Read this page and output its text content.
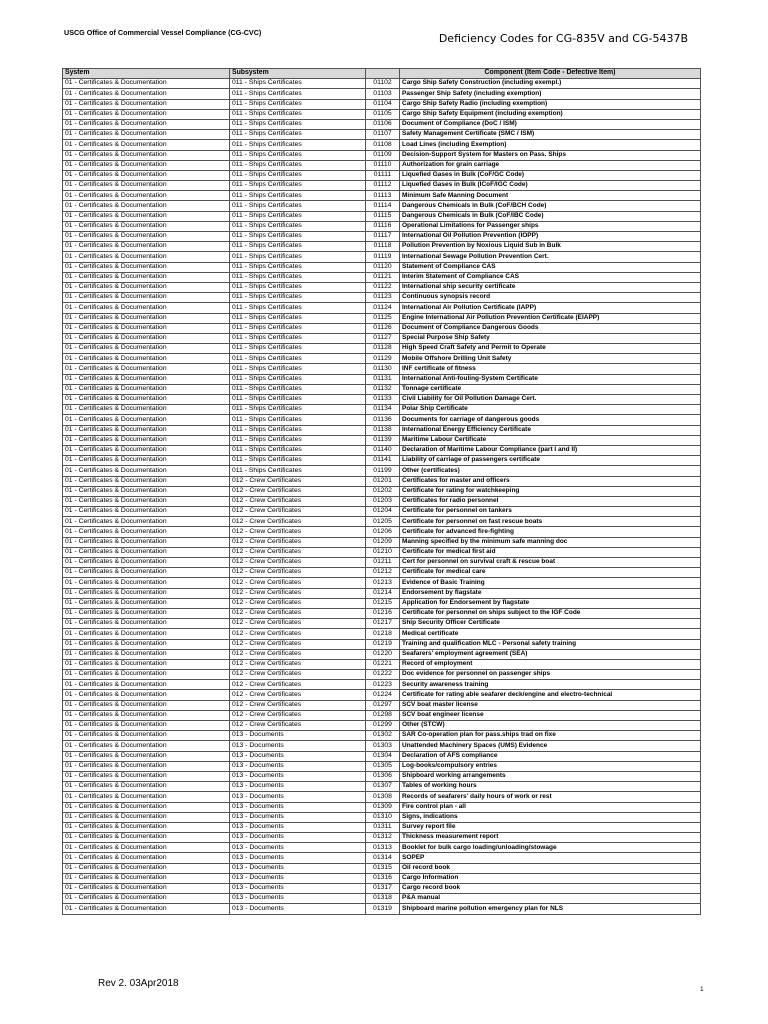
USCG Office of Commercial Vessel Compliance (CG-CVC)	Deficiency Codes for CG-835V and CG-5437B
System	Subsystem		Component (Item Code - Defective Item)
01 - Certificates & Documentation	011 - Ships Certificates	01102	Cargo Ship Safety Construction (including exempl.)
01 - Certificates & Documentation	011 - Ships Certificates	01103	Passenger Ship Safety (including exemption)
01 - Certificates & Documentation	011 - Ships Certificates	01104	Cargo Ship Safety Radio (including exemption)
01 - Certificates & Documentation	011 - Ships Certificates	01105	Cargo Ship Safety Equipment (including exemption)
01 - Certificates & Documentation	011 - Ships Certificates	01106	Document of Compliance (DoC / ISM)
01 - Certificates & Documentation	011 - Ships Certificates	01107	Safety Management Certificate (SMC / ISM)
01 - Certificates & Documentation	011 - Ships Certificates	01108	Load Lines (including Exemption)
01 - Certificates & Documentation	011 - Ships Certificates	01109	Decision-Support System for Masters on Pass. Ships
01 - Certificates & Documentation	011 - Ships Certificates	01110	Authorization for grain carriage
01 - Certificates & Documentation	011 - Ships Certificates	01111	Liquefied Gases in Bulk (CoF/GC Code)
01 - Certificates & Documentation	011 - Ships Certificates	01112	Liquefied Gases in Bulk (ICoF/IGC Code)
01 - Certificates & Documentation	011 - Ships Certificates	01113	Minimum Safe Manning Document
01 - Certificates & Documentation	011 - Ships Certificates	01114	Dangerous Chemicals in Bulk (CoF/BCH Code)
01 - Certificates & Documentation	011 - Ships Certificates	01115	Dangerous Chemicals in Bulk (CoF/IBC Code)
01 - Certificates & Documentation	011 - Ships Certificates	01116	Operational Limitations for Passenger ships
01 - Certificates & Documentation	011 - Ships Certificates	01117	International Oil Pollution Prevention (IOPP)
01 - Certificates & Documentation	011 - Ships Certificates	01118	Pollution Prevention by Noxious Liquid Sub in Bulk
01 - Certificates & Documentation	011 - Ships Certificates	01119	International Sewage Pollution Prevention Cert.
01 - Certificates & Documentation	011 - Ships Certificates	01120	Statement of Compliance CAS
01 - Certificates & Documentation	011 - Ships Certificates	01121	Interim Statement of Compliance CAS
01 - Certificates & Documentation	011 - Ships Certificates	01122	International ship security certificate
01 - Certificates & Documentation	011 - Ships Certificates	01123	Continuous synopsis record
01 - Certificates & Documentation	011 - Ships Certificates	01124	International Air Pollution Certificate (IAPP)
01 - Certificates & Documentation	011 - Ships Certificates	01125	Engine International Air Pollution Prevention Certificate (EIAPP)
01 - Certificates & Documentation	011 - Ships Certificates	01126	Document of Compliance Dangerous Goods
01 - Certificates & Documentation	011 - Ships Certificates	01127	Special Purpose Ship Safety
01 - Certificates & Documentation	011 - Ships Certificates	01128	High Speed Craft Safety and Permit to Operate
01 - Certificates & Documentation	011 - Ships Certificates	01129	Mobile Offshore Drilling Unit Safety
01 - Certificates & Documentation	011 - Ships Certificates	01130	INF certificate of fitness
01 - Certificates & Documentation	011 - Ships Certificates	01131	International Anti-fouling-System Certificate
01 - Certificates & Documentation	011 - Ships Certificates	01132	Tonnage certificate
01 - Certificates & Documentation	011 - Ships Certificates	01133	Civil Liability for Oil Pollution Damage Cert.
01 - Certificates & Documentation	011 - Ships Certificates	01134	Polar Ship Certificate
01 - Certificates & Documentation	011 - Ships Certificates	01136	Documents for carriage of dangerous goods
01 - Certificates & Documentation	011 - Ships Certificates	01138	International Energy Efficiency Certificate
01 - Certificates & Documentation	011 - Ships Certificates	01139	Maritime Labour Certificate
01 - Certificates & Documentation	011 - Ships Certificates	01140	Declaration of Maritime Labour Compliance (part I and II)
01 - Certificates & Documentation	011 - Ships Certificates	01141	Liability of carriage of passengers certificate
01 - Certificates & Documentation	011 - Ships Certificates	01199	Other (certificates)
01 - Certificates & Documentation	012 - Crew Certificates	01201	Certificates for master and officers
01 - Certificates & Documentation	012 - Crew Certificates	01202	Certificate for rating for watchkeeping
01 - Certificates & Documentation	012 - Crew Certificates	01203	Certificates for radio personnel
01 - Certificates & Documentation	012 - Crew Certificates	01204	Certificate for personnel on tankers
01 - Certificates & Documentation	012 - Crew Certificates	01205	Certificate for personnel on fast rescue boats
01 - Certificates & Documentation	012 - Crew Certificates	01206	Certificate for advanced fire-fighting
01 - Certificates & Documentation	012 - Crew Certificates	01209	Manning specified by the minimum safe manning doc
01 - Certificates & Documentation	012 - Crew Certificates	01210	Certificate for medical first aid
01 - Certificates & Documentation	012 - Crew Certificates	01211	Cert for personnel on survival craft & rescue boat
01 - Certificates & Documentation	012 - Crew Certificates	01212	Certificate for medical care
01 - Certificates & Documentation	012 - Crew Certificates	01213	Evidence of Basic Training
01 - Certificates & Documentation	012 - Crew Certificates	01214	Endorsement by flagstate
01 - Certificates & Documentation	012 - Crew Certificates	01215	Application for Endorsement by flagstate
01 - Certificates & Documentation	012 - Crew Certificates	01216	Certificate for personnel on ships subject to the IGF Code
01 - Certificates & Documentation	012 - Crew Certificates	01217	Ship Security Officer Certificate
01 - Certificates & Documentation	012 - Crew Certificates	01218	Medical certificate
01 - Certificates & Documentation	012 - Crew Certificates	01219	Training and qualification MLC - Personal safety training
01 - Certificates & Documentation	012 - Crew Certificates	01220	Seafarers' employment agreement (SEA)
01 - Certificates & Documentation	012 - Crew Certificates	01221	Record of employment
01 - Certificates & Documentation	012 - Crew Certificates	01222	Doc evidence for personnel on passenger ships
01 - Certificates & Documentation	012 - Crew Certificates	01223	Security awareness training
01 - Certificates & Documentation	012 - Crew Certificates	01224	Certificate for rating able seafarer deck/engine and electro-technical
01 - Certificates & Documentation	012 - Crew Certificates	01297	SCV boat master license
01 - Certificates & Documentation	012 - Crew Certificates	01298	SCV boat engineer license
01 - Certificates & Documentation	012 - Crew Certificates	01299	Other (STCW)
01 - Certificates & Documentation	013 - Documents	01302	SAR Co-operation plan for pass.ships trad on fixe
01 - Certificates & Documentation	013 - Documents	01303	Unattended Machinery Spaces (UMS) Evidence
01 - Certificates & Documentation	013 - Documents	01304	Declaration of AFS compliance
01 - Certificates & Documentation	013 - Documents	01305	Log-books/compulsory entries
01 - Certificates & Documentation	013 - Documents	01306	Shipboard working arrangements
01 - Certificates & Documentation	013 - Documents	01307	Tables of working hours
01 - Certificates & Documentation	013 - Documents	01308	Records of seafarers' daily hours of work or rest
01 - Certificates & Documentation	013 - Documents	01309	Fire control plan - all
01 - Certificates & Documentation	013 - Documents	01310	Signs, indications
01 - Certificates & Documentation	013 - Documents	01311	Survey report file
01 - Certificates & Documentation	013 - Documents	01312	Thickness measurement report
01 - Certificates & Documentation	013 - Documents	01313	Booklet for bulk cargo loading/unloading/stowage
01 - Certificates & Documentation	013 - Documents	01314	SOPEP
01 - Certificates & Documentation	013 - Documents	01315	Oil record book
01 - Certificates & Documentation	013 - Documents	01316	Cargo Information
01 - Certificates & Documentation	013 - Documents	01317	Cargo record book
01 - Certificates & Documentation	013 - Documents	01318	P&A manual
01 - Certificates & Documentation	013 - Documents	01319	Shipboard marine pollution emergency plan for NLS
Rev 2. 03Apr2018
1
